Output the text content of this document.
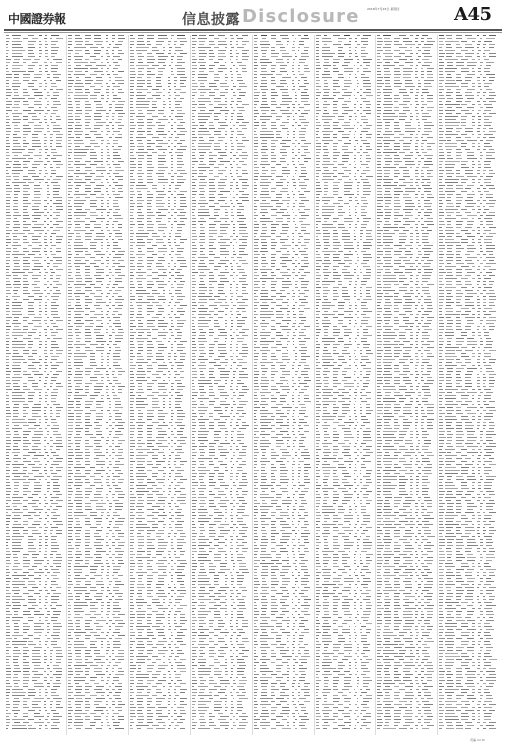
中國證券報	信息披露 Disclosure 2018年7月26日 星期四	A45
责编 mr tk
